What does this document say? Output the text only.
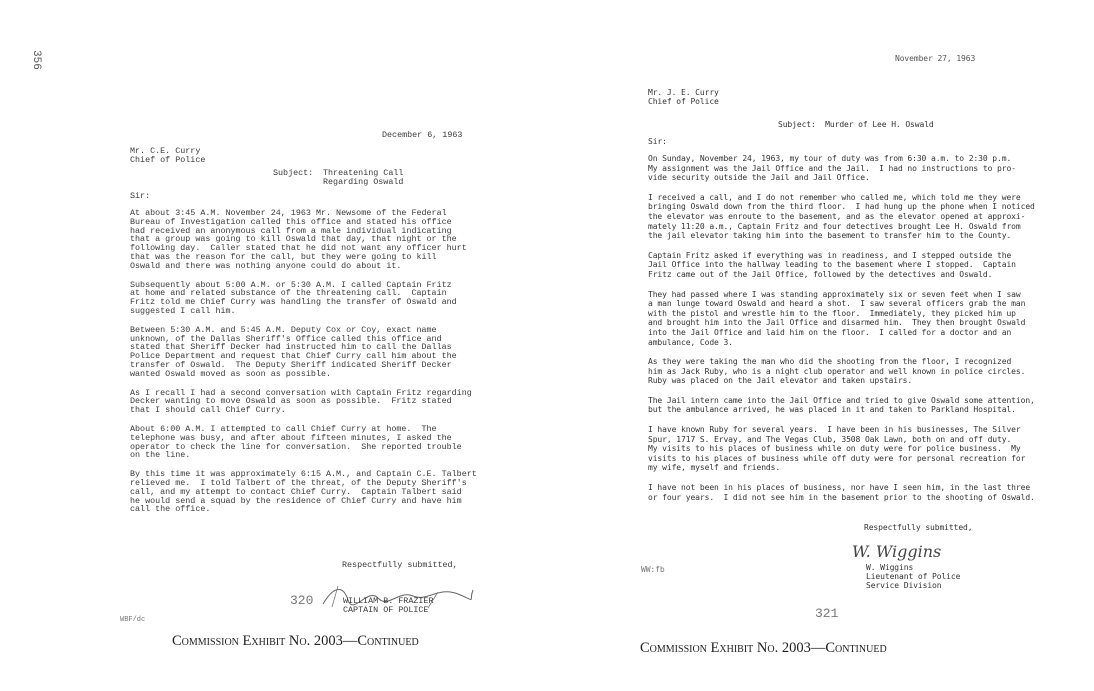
356
December 6, 1963
Mr. C.E. Curry
Chief of Police
Subject: Threatening Call
Regarding Oswald
Sir:
At about 3:45 A.M. November 24, 1963 Mr. Newsome of the Federal
Bureau of Investigation called this office and stated his office
had received an anonymous call from a male individual indicating
that a group was going to kill Oswald that day, that night or the
following day.  Caller stated that he did not want any officer hurt
that was the reason for the call, but they were going to kill
Oswald and there was nothing anyone could do about it.
Subsequently about 5:00 A.M. or 5:30 A.M. I called Captain Fritz
at home and related substance of the threatening call.  Captain
Fritz told me Chief Curry was handling the transfer of Oswald and
suggested I call him.
Between 5:30 A.M. and 5:45 A.M. Deputy Cox or Coy, exact name
unknown, of the Dallas Sheriff's Office called this office and
stated that Sheriff Decker had instructed him to call the Dallas
Police Department and request that Chief Curry call him about the
transfer of Oswald.  The Deputy Sheriff indicated Sheriff Decker
wanted Oswald moved as soon as possible.
As I recall I had a second conversation with Captain Fritz regarding
Decker wanting to move Oswald as soon as possible.  Fritz stated
that I should call Chief Curry.
About 6:00 A.M. I attempted to call Chief Curry at home.  The
telephone was busy, and after about fifteen minutes, I asked the
operator to check the line for conversation.  She reported trouble
on the line.
By this time it was approximately 6:15 A.M., and Captain C.E. Talbert
relieved me.  I told Talbert of the threat, of the Deputy Sheriff's
call, and my attempt to contact Chief Curry.  Captain Talbert said
he would send a squad by the residence of Chief Curry and have him
call the office.
Respectfully submitted,
320	WILLIAM B. FRAZIER
CAPTAIN OF POLICE
WBF/dc
Commission Exhibit No. 2003—Continued
November 27, 1963
Mr. J. E. Curry
Chief of Police
Subject:  Murder of Lee H. Oswald
Sir:
On Sunday, November 24, 1963, my tour of duty was from 6:30 a.m. to 2:30 p.m.
My assignment was the Jail Office and the Jail.  I had no instructions to pro-
vide security outside the Jail and Jail Office.
I received a call, and I do not remember who called me, which told me they were
bringing Oswald down from the third floor.  I had hung up the phone when I noticed
the elevator was enroute to the basement, and as the elevator opened at approxi-
mately 11:20 a.m., Captain Fritz and four detectives brought Lee H. Oswald from
the jail elevator taking him into the basement to transfer him to the County.
Captain Fritz asked if everything was in readiness, and I stepped outside the
Jail Office into the hallway leading to the basement where I stopped.  Captain
Fritz came out of the Jail Office, followed by the detectives and Oswald.
They had passed where I was standing approximately six or seven feet when I saw
a man lunge toward Oswald and heard a shot.  I saw several officers grab the man
with the pistol and wrestle him to the floor.  Immediately, they picked him up
and brought him into the Jail Office and disarmed him.  They then brought Oswald
into the Jail Office and laid him on the floor.  I called for a doctor and an
ambulance, Code 3.
As they were taking the man who did the shooting from the floor, I recognized
him as Jack Ruby, who is a night club operator and well known in police circles.
Ruby was placed on the Jail elevator and taken upstairs.
The Jail intern came into the Jail Office and tried to give Oswald some attention,
but the ambulance arrived, he was placed in it and taken to Parkland Hospital.
I have known Ruby for several years.  I have been in his businesses, The Silver
Spur, 1717 S. Ervay, and The Vegas Club, 3508 Oak Lawn, both on and off duty.
My visits to his places of business while on duty were for police business.  My
visits to his places of business while off duty were for personal recreation for
my wife, myself and friends.
I have not been in his places of business, nor have I seen him, in the last three
or four years.  I did not see him in the basement prior to the shooting of Oswald.
Respectfully submitted,
W. Wiggins
W. Wiggins
Lieutenant of Police
Service Division
WW:fb
321
Commission Exhibit No. 2003—Continued
